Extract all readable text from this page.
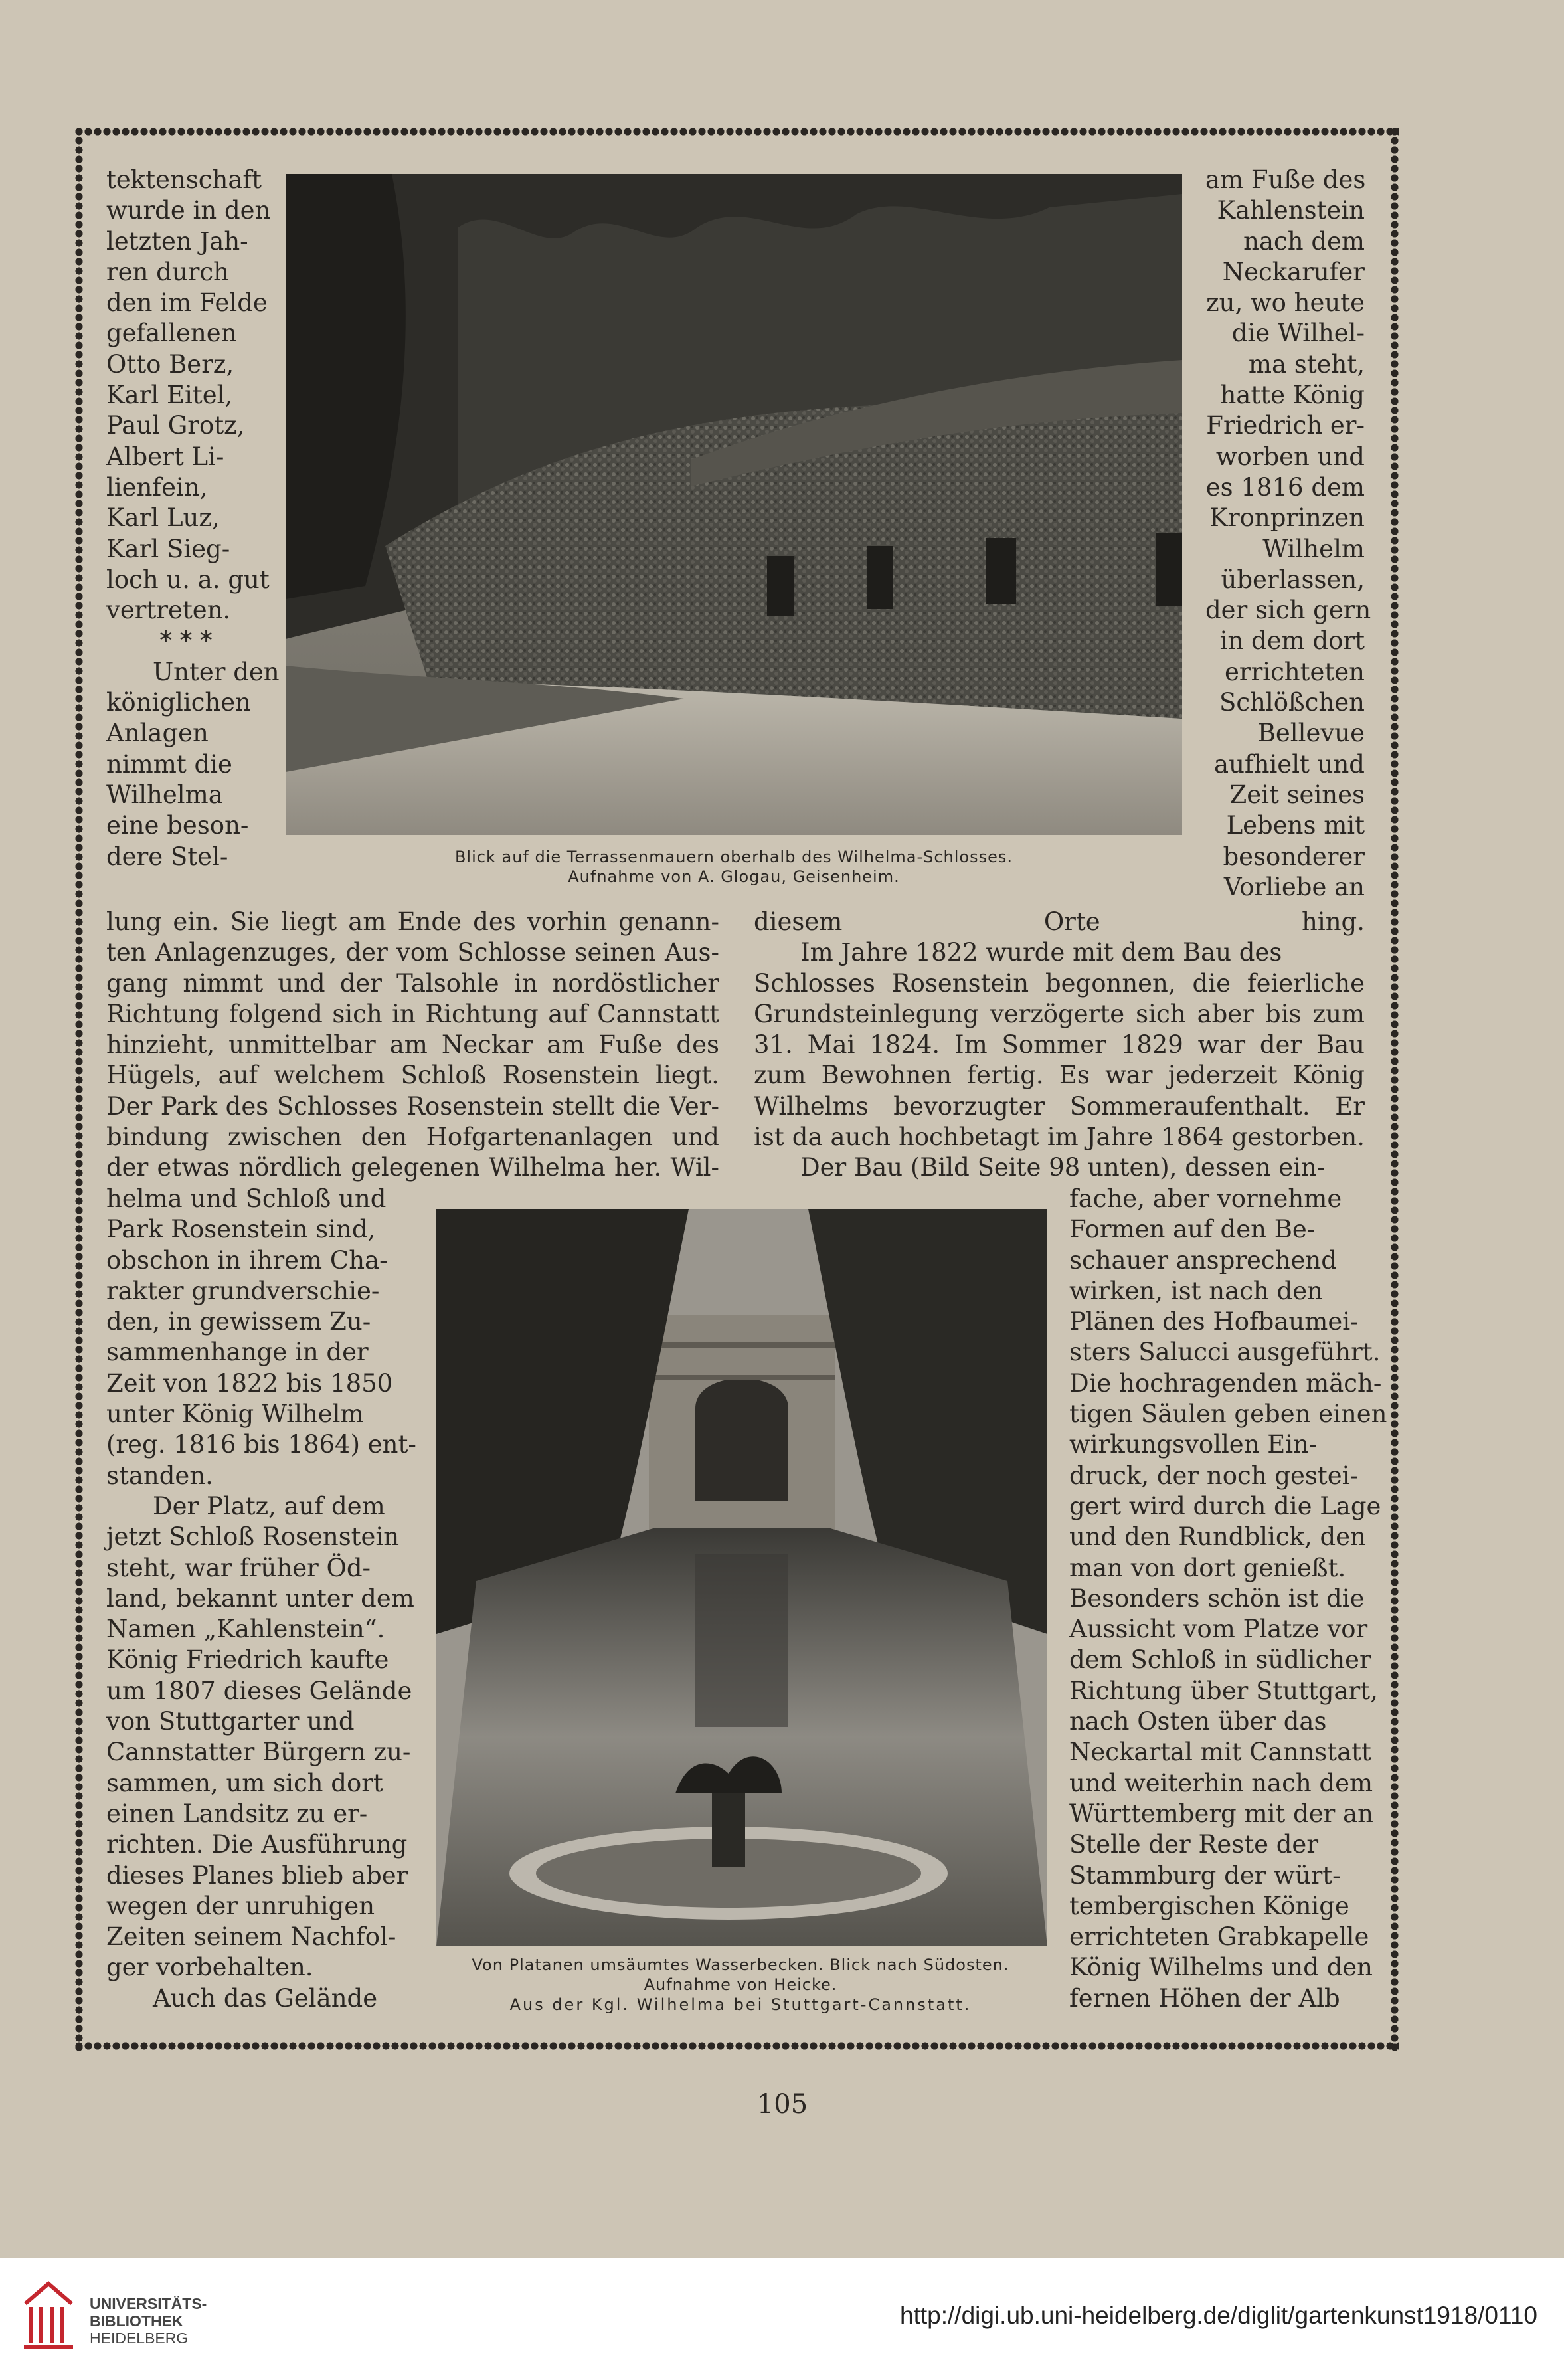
tektenschaft
wurde in den
letzten Jah-
ren durch
den im Felde
gefallenen
Otto Berz,
Karl Eitel,
Paul Grotz,
Albert Li-
lienfein,
Karl Luz,
Karl Sieg-
loch u. a. gut
vertreten.
* * *
Unter den
königlichen
Anlagen
nimmt die
Wilhelma
eine beson-
dere Stel-
am Fuße des
Kahlenstein
nach dem
Neckarufer
zu, wo heute
die Wilhel-
ma steht,
hatte König
Friedrich er-
worben und
es 1816 dem
Kronprinzen
Wilhelm
überlassen,
der sich gern
in dem dort
errichteten
Schlößchen
Bellevue
aufhielt und
Zeit seines
Lebens mit
besonderer
Vorliebe an
Blick auf die Terrassenmauern oberhalb des Wilhelma-Schlosses.
Aufnahme von A. Glogau, Geisenheim.
lung ein. Sie liegt am Ende des vorhin genann-
ten Anlagenzuges, der vom Schlosse seinen Aus-
gang nimmt und der Talsohle in nordöstlicher
Richtung folgend sich in Richtung auf Cannstatt
hinzieht, unmittelbar am Neckar am Fuße des
Hügels, auf welchem Schloß Rosenstein liegt.
Der Park des Schlosses Rosenstein stellt die Ver-
bindung zwischen den Hofgartenanlagen und
der etwas nördlich gelegenen Wilhelma her. Wil-
diesem Orte hing.
Im Jahre 1822 wurde mit dem Bau des
Schlosses Rosenstein begonnen, die feierliche
Grundsteinlegung verzögerte sich aber bis zum
31. Mai 1824. Im Sommer 1829 war der Bau
zum Bewohnen fertig. Es war jederzeit König
Wilhelms bevorzugter Sommeraufenthalt. Er
ist da auch hochbetagt im Jahre 1864 gestorben.
Der Bau (Bild Seite 98 unten), dessen ein-
helma und Schloß und
Park Rosenstein sind,
obschon in ihrem Cha-
rakter grundverschie-
den, in gewissem Zu-
sammenhange in der
Zeit von 1822 bis 1850
unter König Wilhelm
(reg. 1816 bis 1864) ent-
standen.
Der Platz, auf dem
jetzt Schloß Rosenstein
steht, war früher Öd-
land, bekannt unter dem
Namen „Kahlenstein“.
König Friedrich kaufte
um 1807 dieses Gelände
von Stuttgarter und
Cannstatter Bürgern zu-
sammen, um sich dort
einen Landsitz zu er-
richten. Die Ausführung
dieses Planes blieb aber
wegen der unruhigen
Zeiten seinem Nachfol-
ger vorbehalten.
Auch das Gelände
fache, aber vornehme
Formen auf den Be-
schauer ansprechend
wirken, ist nach den
Plänen des Hofbaumei-
sters Salucci ausgeführt.
Die hochragenden mäch-
tigen Säulen geben einen
wirkungsvollen Ein-
druck, der noch gestei-
gert wird durch die Lage
und den Rundblick, den
man von dort genießt.
Besonders schön ist die
Aussicht vom Platze vor
dem Schloß in südlicher
Richtung über Stuttgart,
nach Osten über das
Neckartal mit Cannstatt
und weiterhin nach dem
Württemberg mit der an
Stelle der Reste der
Stammburg der würt-
tembergischen Könige
errichteten Grabkapelle
König Wilhelms und den
fernen Höhen der Alb
Von Platanen umsäumtes Wasserbecken. Blick nach Südosten.
Aufnahme von Heicke.
Aus der Kgl. Wilhelma bei Stuttgart-Cannstatt.
105
UNIVERSITÄTS-
BIBLIOTHEK
HEIDELBERG
http://digi.ub.uni-heidelberg.de/diglit/gartenkunst1918/0110
